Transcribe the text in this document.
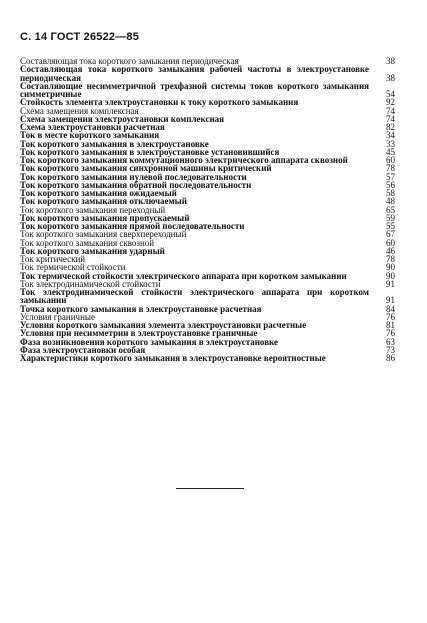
С. 14 ГОСТ 26522—85
Составляющая тока короткого замыкания периодическая	38
Составляющая тока короткого замыкания рабочей частоты в электроустановке периодическая	38
Составляющие несимметричной трехфазной системы токов короткого замыкания симметричные	54
Стойкость элемента электроустановки к току короткого замыкания	92
Схема замещения комплексная	74
Схема замещения электроустановки комплексная	74
Схема электроустановки расчетная	82
Ток в месте короткого замыкания	34
Ток короткого замыкания в электроустановке	33
Ток короткого замыкания в электроустановке установившийся	45
Ток короткого замыкания коммутационного электрического аппарата сквозной	60
Ток короткого замыкания синхронной машины критический	78
Ток короткого замыкания нулевой последовательности	57
Ток короткого замыкания обратной последовательности	56
Ток короткого замыкания ожидаемый	58
Ток короткого замыкания отключаемый	48
Ток короткого замыкания переходный	65
Ток короткого замыкания пропускаемый	59
Ток короткого замыкания прямой последовательности	55
Ток короткого замыкания сверхпереходный	67
Ток короткого замыкания сквозной	60
Ток короткого замыкания ударный	46
Ток критический	78
Ток термической стойкости	90
Ток термической стойкости электрического аппарата при коротком замыкании	90
Ток электродинамической стойкости	91
Ток электродинамической стойкости электрического аппарата при коротком замыкании	91
Точка короткого замыкания в электроустановке расчетная	84
Условия граничные	76
Условия короткого замыкания элемента электроустановки расчетные	81
Условия при несимметрии в электроустановке граничные	76
Фаза возникновения короткого замыкания в электроустановке	63
Фаза электроустановки особая	73
Характеристики короткого замыкания в электроустановке вероятностные	86
